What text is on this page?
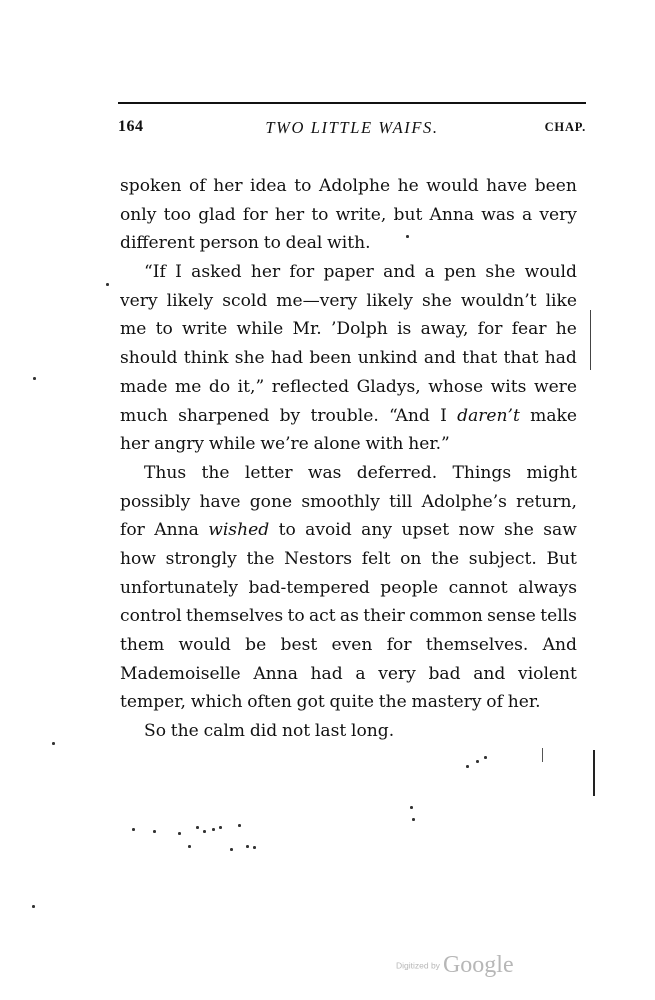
164	TWO LITTLE WAIFS.	CHAP.
spoken of her idea to Adolphe he would have been
only too glad for her to write, but Anna was a very
different person to deal with.
“If I asked her for paper and a pen she would
very likely scold me—very likely she wouldn’t like
me to write while Mr. ’Dolph is away, for fear he
should think she had been unkind and that that had
made me do it,” reflected Gladys, whose wits were
much sharpened by trouble. “And I daren’t make
her angry while we’re alone with her.”
Thus the letter was deferred. Things might
possibly have gone smoothly till Adolphe’s return,
for Anna wished to avoid any upset now she saw
how strongly the Nestors felt on the subject. But
unfortunately bad-tempered people cannot always
control themselves to act as their common sense tells
them would be best even for themselves. And
Mademoiselle Anna had a very bad and violent
temper, which often got quite the mastery of her.
So the calm did not last long.
Digitized by Google
